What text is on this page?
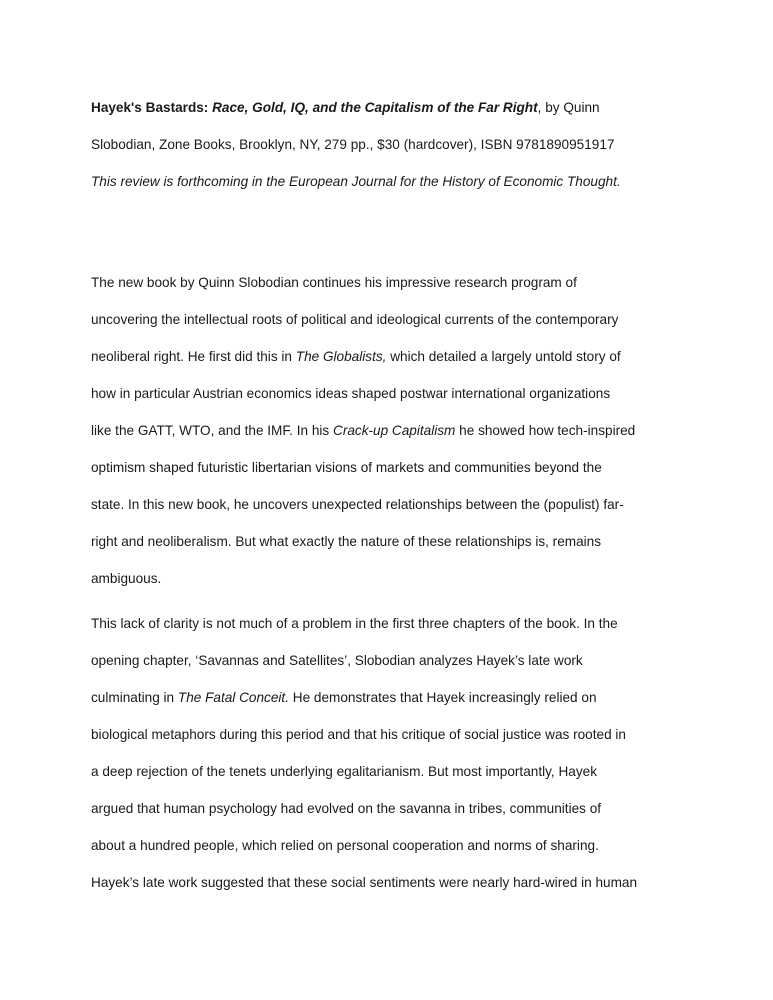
Hayek's Bastards: Race, Gold, IQ, and the Capitalism of the Far Right, by Quinn
Slobodian, Zone Books, Brooklyn, NY, 279 pp., $30 (hardcover), ISBN 9781890951917
This review is forthcoming in the European Journal for the History of Economic Thought.
The new book by Quinn Slobodian continues his impressive research program of
uncovering the intellectual roots of political and ideological currents of the contemporary
neoliberal right. He first did this in The Globalists, which detailed a largely untold story of
how in particular Austrian economics ideas shaped postwar international organizations
like the GATT, WTO, and the IMF. In his Crack-up Capitalism he showed how tech-inspired
optimism shaped futuristic libertarian visions of markets and communities beyond the
state. In this new book, he uncovers unexpected relationships between the (populist) far-
right and neoliberalism. But what exactly the nature of these relationships is, remains
ambiguous.
This lack of clarity is not much of a problem in the first three chapters of the book. In the
opening chapter, ‘Savannas and Satellites’, Slobodian analyzes Hayek’s late work
culminating in The Fatal Conceit. He demonstrates that Hayek increasingly relied on
biological metaphors during this period and that his critique of social justice was rooted in
a deep rejection of the tenets underlying egalitarianism. But most importantly, Hayek
argued that human psychology had evolved on the savanna in tribes, communities of
about a hundred people, which relied on personal cooperation and norms of sharing.
Hayek’s late work suggested that these social sentiments were nearly hard-wired in human
